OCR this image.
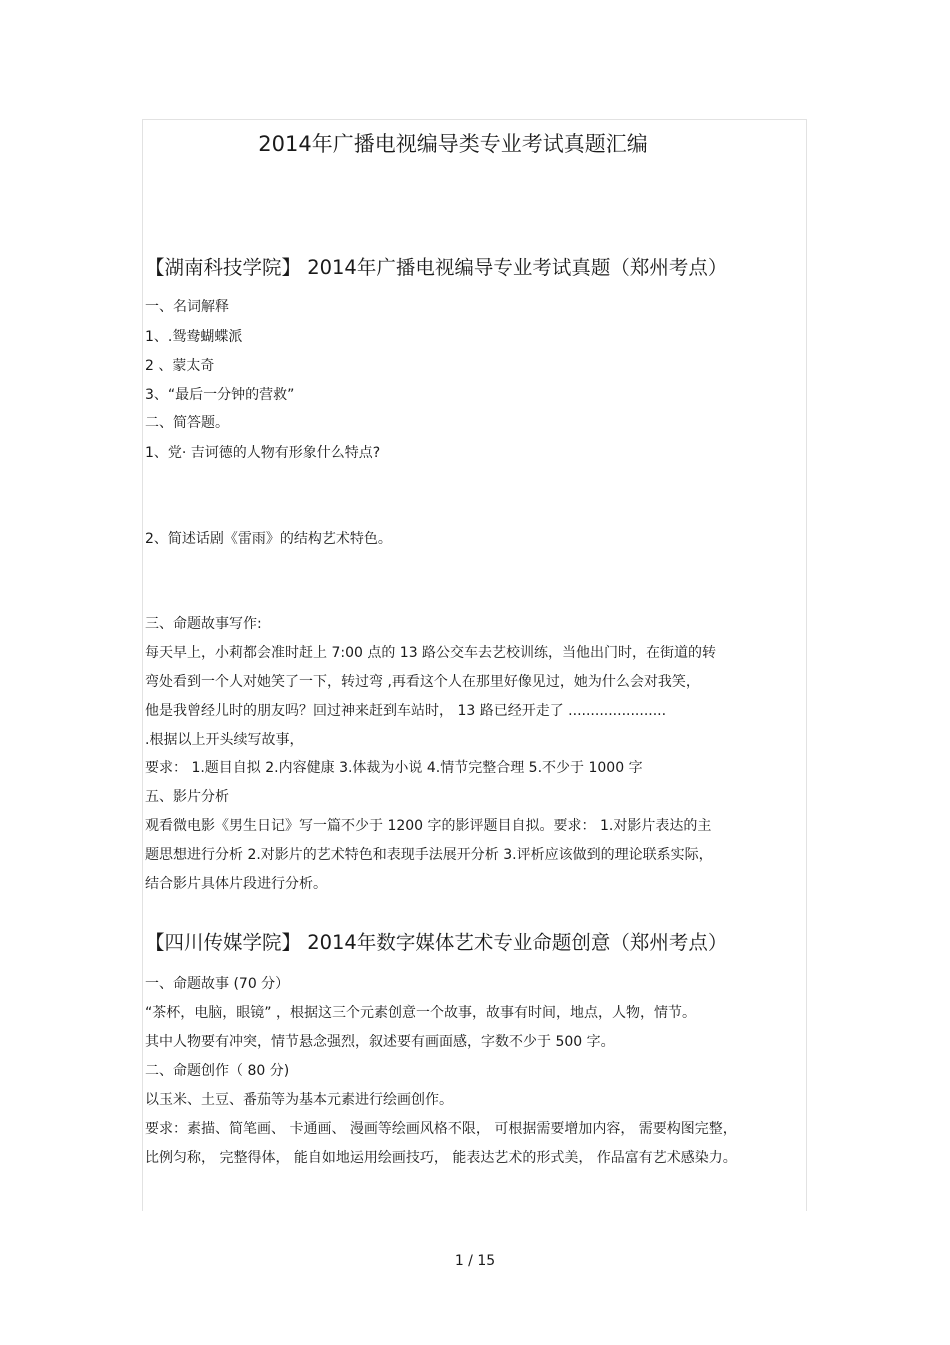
2014年广播电视编导类专业考试真题汇编
【湖南科技学院】 2014年广播电视编导专业考试真题（郑州考点）
一、名词解释
1、.鸳鸯蝴蝶派
2 、蒙太奇
3、“最后一分钟的营救”
二、简答题。
1、党· 吉诃德的人物有形象什么特点?
2、简述话剧《雷雨》的结构艺术特色。
三、命题故事写作:
每天早上，小莉都会准时赶上 7:00 点的 13 路公交车去艺校训练，当他出门时，在街道的转
弯处看到一个人对她笑了一下，转过弯 ,再看这个人在那里好像见过，她为什么会对我笑，
他是我曾经儿时的朋友吗？回过神来赶到车站时， 13 路已经开走了 ......................
.根据以上开头续写故事，
要求： 1.题目自拟 2.内容健康 3.体裁为小说 4.情节完整合理 5.不少于 1000 字
五、影片分析
观看微电影《男生日记》写一篇不少于 1200 字的影评题目自拟。要求： 1.对影片表达的主
题思想进行分析 2.对影片的艺术特色和表现手法展开分析 3.评析应该做到的理论联系实际，
结合影片具体片段进行分析。
【四川传媒学院】 2014年数字媒体艺术专业命题创意（郑州考点）
一、命题故事 (70 分）
“茶杯，电脑，眼镜” ，根据这三个元素创意一个故事，故事有时间，地点，人物，情节。
其中人物要有冲突，情节悬念强烈，叙述要有画面感，字数不少于 500 字。
二、命题创作（ 80 分)
以玉米、土豆、番茄等为基本元素进行绘画创作。
要求：素描、简笔画、 卡通画、 漫画等绘画风格不限， 可根据需要增加内容， 需要构图完整，
比例匀称， 完整得体， 能自如地运用绘画技巧， 能表达艺术的形式美， 作品富有艺术感染力。
1 / 15
